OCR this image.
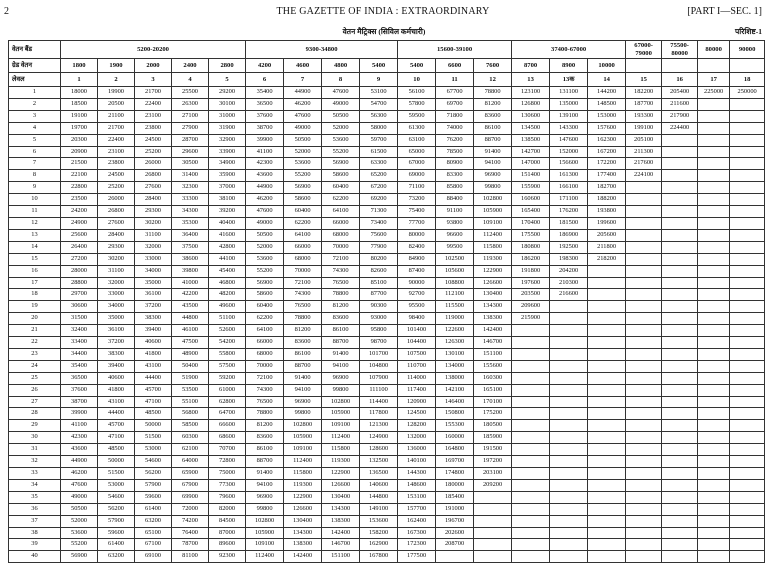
2	THE GAZETTE OF INDIA : EXTRAORDINARY	[PART I—SEC. 1]
वेतन मैट्रिक्स (सिविल कर्मचारी)	परिशिष्ट-1
वेतन बैंड	5200-20200					9300-34800				15600-39100			37400-67000			67000-79000	75500-80000	80000	90000
ग्रेड वेतन	1800	1900	2000	2400	2800	4200	4600	4800	5400	5400	6600	7600	8700	8900	10000				
लेवल	1	2	3	4	5	6	7	8	9	10	11	12	13	13क	14	15	16	17	18
1	18000	19900	21700	25500	29200	35400	44900	47600	53100	56100	67700	78800	123100	131100	144200	182200	205400	225000	250000
2	18500	20500	22400	26300	30100	36500	46200	49000	54700	57800	69700	81200	126800	135000	148500	187700	211600		
3	19100	21100	23100	27100	31000	37600	47600	50500	56300	59500	71800	83600	130600	139100	153000	193300	217900		
4	19700	21700	23800	27900	31900	38700	49000	52000	58000	61300	74000	86100	134500	143300	157600	199100	224400		
5	20300	22400	24500	28700	32900	39900	50500	53600	59700	63100	76200	88700	138500	147600	162300	205100			
6	20900	23100	25200	29600	33900	41100	52000	55200	61500	65000	78500	91400	142700	152000	167200	211300			
7	21500	23800	26000	30500	34900	42300	53600	56900	63300	67000	80900	94100	147000	156600	172200	217600			
8	22100	24500	26800	31400	35900	43600	55200	58600	65200	69000	83300	96900	151400	161300	177400	224100			
9	22800	25200	27600	32300	37000	44900	56900	60400	67200	71100	85800	99800	155900	166100	182700				
10	23500	26000	28400	33300	38100	46200	58600	62200	69200	73200	88400	102800	160600	171100	188200				
11	24200	26800	29300	34300	39200	47600	60400	64100	71300	75400	91100	105900	165400	176200	193800				
12	24900	27600	30200	35300	40400	49000	62200	66000	73400	77700	93800	109100	170400	181500	199600				
13	25600	28400	31100	36400	41600	50500	64100	68000	75600	80000	96600	112400	175500	186900	205600				
14	26400	29300	32000	37500	42800	52000	66000	70000	77900	82400	99500	115800	180800	192500	211800				
15	27200	30200	33000	38600	44100	53600	68000	72100	80200	84900	102500	119300	186200	198300	218200				
16	28000	31100	34000	39800	45400	55200	70000	74300	82600	87400	105600	122900	191800	204200					
17	28800	32000	35000	41000	46800	56900	72100	76500	85100	90000	108800	126600	197600	210300					
18	29700	33000	36100	42200	48200	58600	74300	78800	87700	92700	112100	130400	203500	216600					
19	30600	34000	37200	43500	49600	60400	76500	81200	90300	95500	115500	134300	209600						
20	31500	35000	38300	44800	51100	62200	78800	83600	93000	98400	119000	138300	215900						
21	32400	36100	39400	46100	52600	64100	81200	86100	95800	101400	122600	142400							
22	33400	37200	40600	47500	54200	66000	83600	88700	98700	104400	126300	146700							
23	34400	38300	41800	48900	55800	68000	86100	91400	101700	107500	130100	151100							
24	35400	39400	43100	50400	57500	70000	88700	94100	104800	110700	134000	155600							
25	36500	40600	44400	51900	59200	72100	91400	96900	107900	114000	138000	160300							
26	37600	41800	45700	53500	61000	74300	94100	99800	111100	117400	142100	165100							
27	38700	43100	47100	55100	62800	76500	96900	102800	114400	120900	146400	170100							
28	39900	44400	48500	56800	64700	78800	99800	105900	117800	124500	150800	175200							
29	41100	45700	50000	58500	66600	81200	102800	109100	121300	128200	155300	180500							
30	42300	47100	51500	60300	68600	83600	105900	112400	124900	132000	160000	185900							
31	43600	48500	53000	62100	70700	86100	109100	115800	128600	136000	164800	191500							
32	44900	50000	54600	64000	72800	88700	112400	119300	132500	140100	169700	197200							
33	46200	51500	56200	65900	75000	91400	115800	122900	136500	144300	174800	203100							
34	47600	53000	57900	67900	77300	94100	119300	126600	140600	148600	180000	209200							
35	49000	54600	59600	69900	79600	96900	122900	130400	144800	153100	185400								
36	50500	56200	61400	72000	82000	99800	126600	134300	149100	157700	191000								
37	52000	57900	63200	74200	84500	102800	130400	138300	153600	162400	196700								
38	53600	59600	65100	76400	87000	105900	134300	142400	158200	167300	202600								
39	55200	61400	67100	78700	89600	109100	138300	146700	162900	172300	208700								
40	56900	63200	69100	81100	92300	112400	142400	151100	167800	177500									
